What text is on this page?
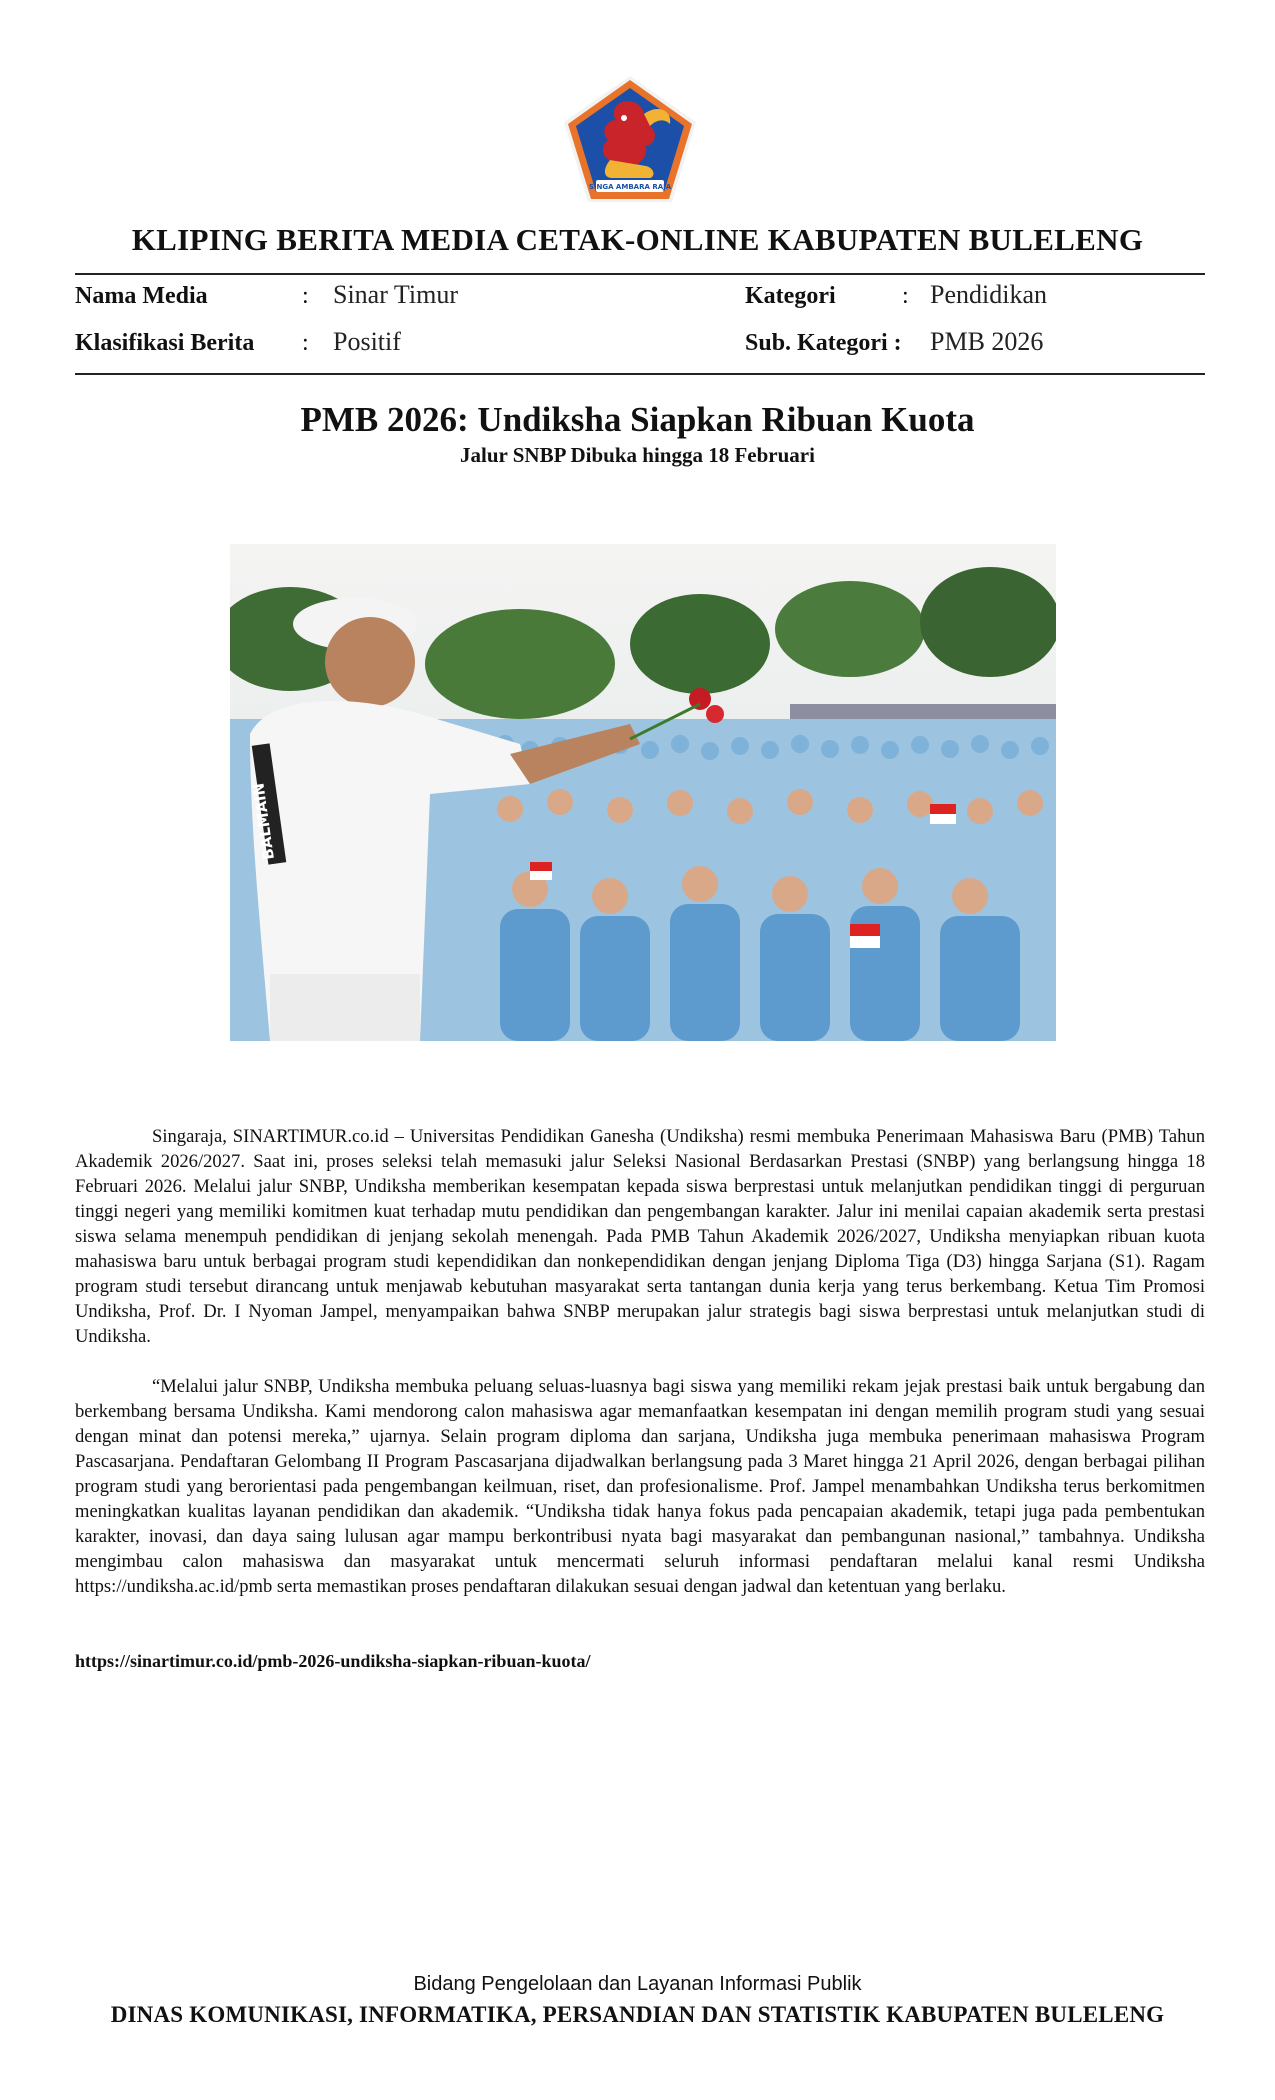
SINGA AMBARA RAJA
KLIPING BERITA MEDIA CETAK-ONLINE KABUPATEN BULELENG
Nama Media	: Sinar Timur
Klasifikasi Berita : Positif
Kategori	: Pendidikan
Sub. Kategori : PMB 2026
PMB 2026: Undiksha Siapkan Ribuan Kuota
Jalur SNBP Dibuka hingga 18 Februari
BALMAIN

Singaraja, SINARTIMUR.co.id – Universitas Pendidikan Ganesha (Undiksha) resmi membuka Penerimaan Mahasiswa Baru (PMB) Tahun Akademik 2026/2027. Saat ini, proses seleksi telah memasuki jalur Seleksi Nasional Berdasarkan Prestasi (SNBP) yang berlangsung hingga 18 Februari 2026. Melalui jalur SNBP, Undiksha memberikan kesempatan kepada siswa berprestasi untuk melanjutkan pendidikan tinggi di perguruan tinggi negeri yang memiliki komitmen kuat terhadap mutu pendidikan dan pengembangan karakter. Jalur ini menilai capaian akademik serta prestasi siswa selama menempuh pendidikan di jenjang sekolah menengah. Pada PMB Tahun Akademik 2026/2027, Undiksha menyiapkan ribuan kuota mahasiswa baru untuk berbagai program studi kependidikan dan nonkependidikan dengan jenjang Diploma Tiga (D3) hingga Sarjana (S1). Ragam program studi tersebut dirancang untuk menjawab kebutuhan masyarakat serta tantangan dunia kerja yang terus berkembang. Ketua Tim Promosi Undiksha, Prof. Dr. I Nyoman Jampel, menyampaikan bahwa SNBP merupakan jalur strategis bagi siswa berprestasi untuk melanjutkan studi di Undiksha.

“Melalui jalur SNBP, Undiksha membuka peluang seluas-luasnya bagi siswa yang memiliki rekam jejak prestasi baik untuk bergabung dan berkembang bersama Undiksha. Kami mendorong calon mahasiswa agar memanfaatkan kesempatan ini dengan memilih program studi yang sesuai dengan minat dan potensi mereka,” ujarnya. Selain program diploma dan sarjana, Undiksha juga membuka penerimaan mahasiswa Program Pascasarjana. Pendaftaran Gelombang II Program Pascasarjana dijadwalkan berlangsung pada 3 Maret hingga 21 April 2026, dengan berbagai pilihan program studi yang berorientasi pada pengembangan keilmuan, riset, dan profesionalisme. Prof. Jampel menambahkan Undiksha terus berkomitmen meningkatkan kualitas layanan pendidikan dan akademik. “Undiksha tidak hanya fokus pada pencapaian akademik, tetapi juga pada pembentukan karakter, inovasi, dan daya saing lulusan agar mampu berkontribusi nyata bagi masyarakat dan pembangunan nasional,” tambahnya. Undiksha mengimbau calon mahasiswa dan masyarakat untuk mencermati seluruh informasi pendaftaran melalui kanal resmi Undiksha https://undiksha.ac.id/pmb serta memastikan proses pendaftaran dilakukan sesuai dengan jadwal dan ketentuan yang berlaku.

https://sinartimur.co.id/pmb-2026-undiksha-siapkan-ribuan-kuota/
Bidang Pengelolaan dan Layanan Informasi Publik
DINAS KOMUNIKASI, INFORMATIKA, PERSANDIAN DAN STATISTIK KABUPATEN BULELENG
